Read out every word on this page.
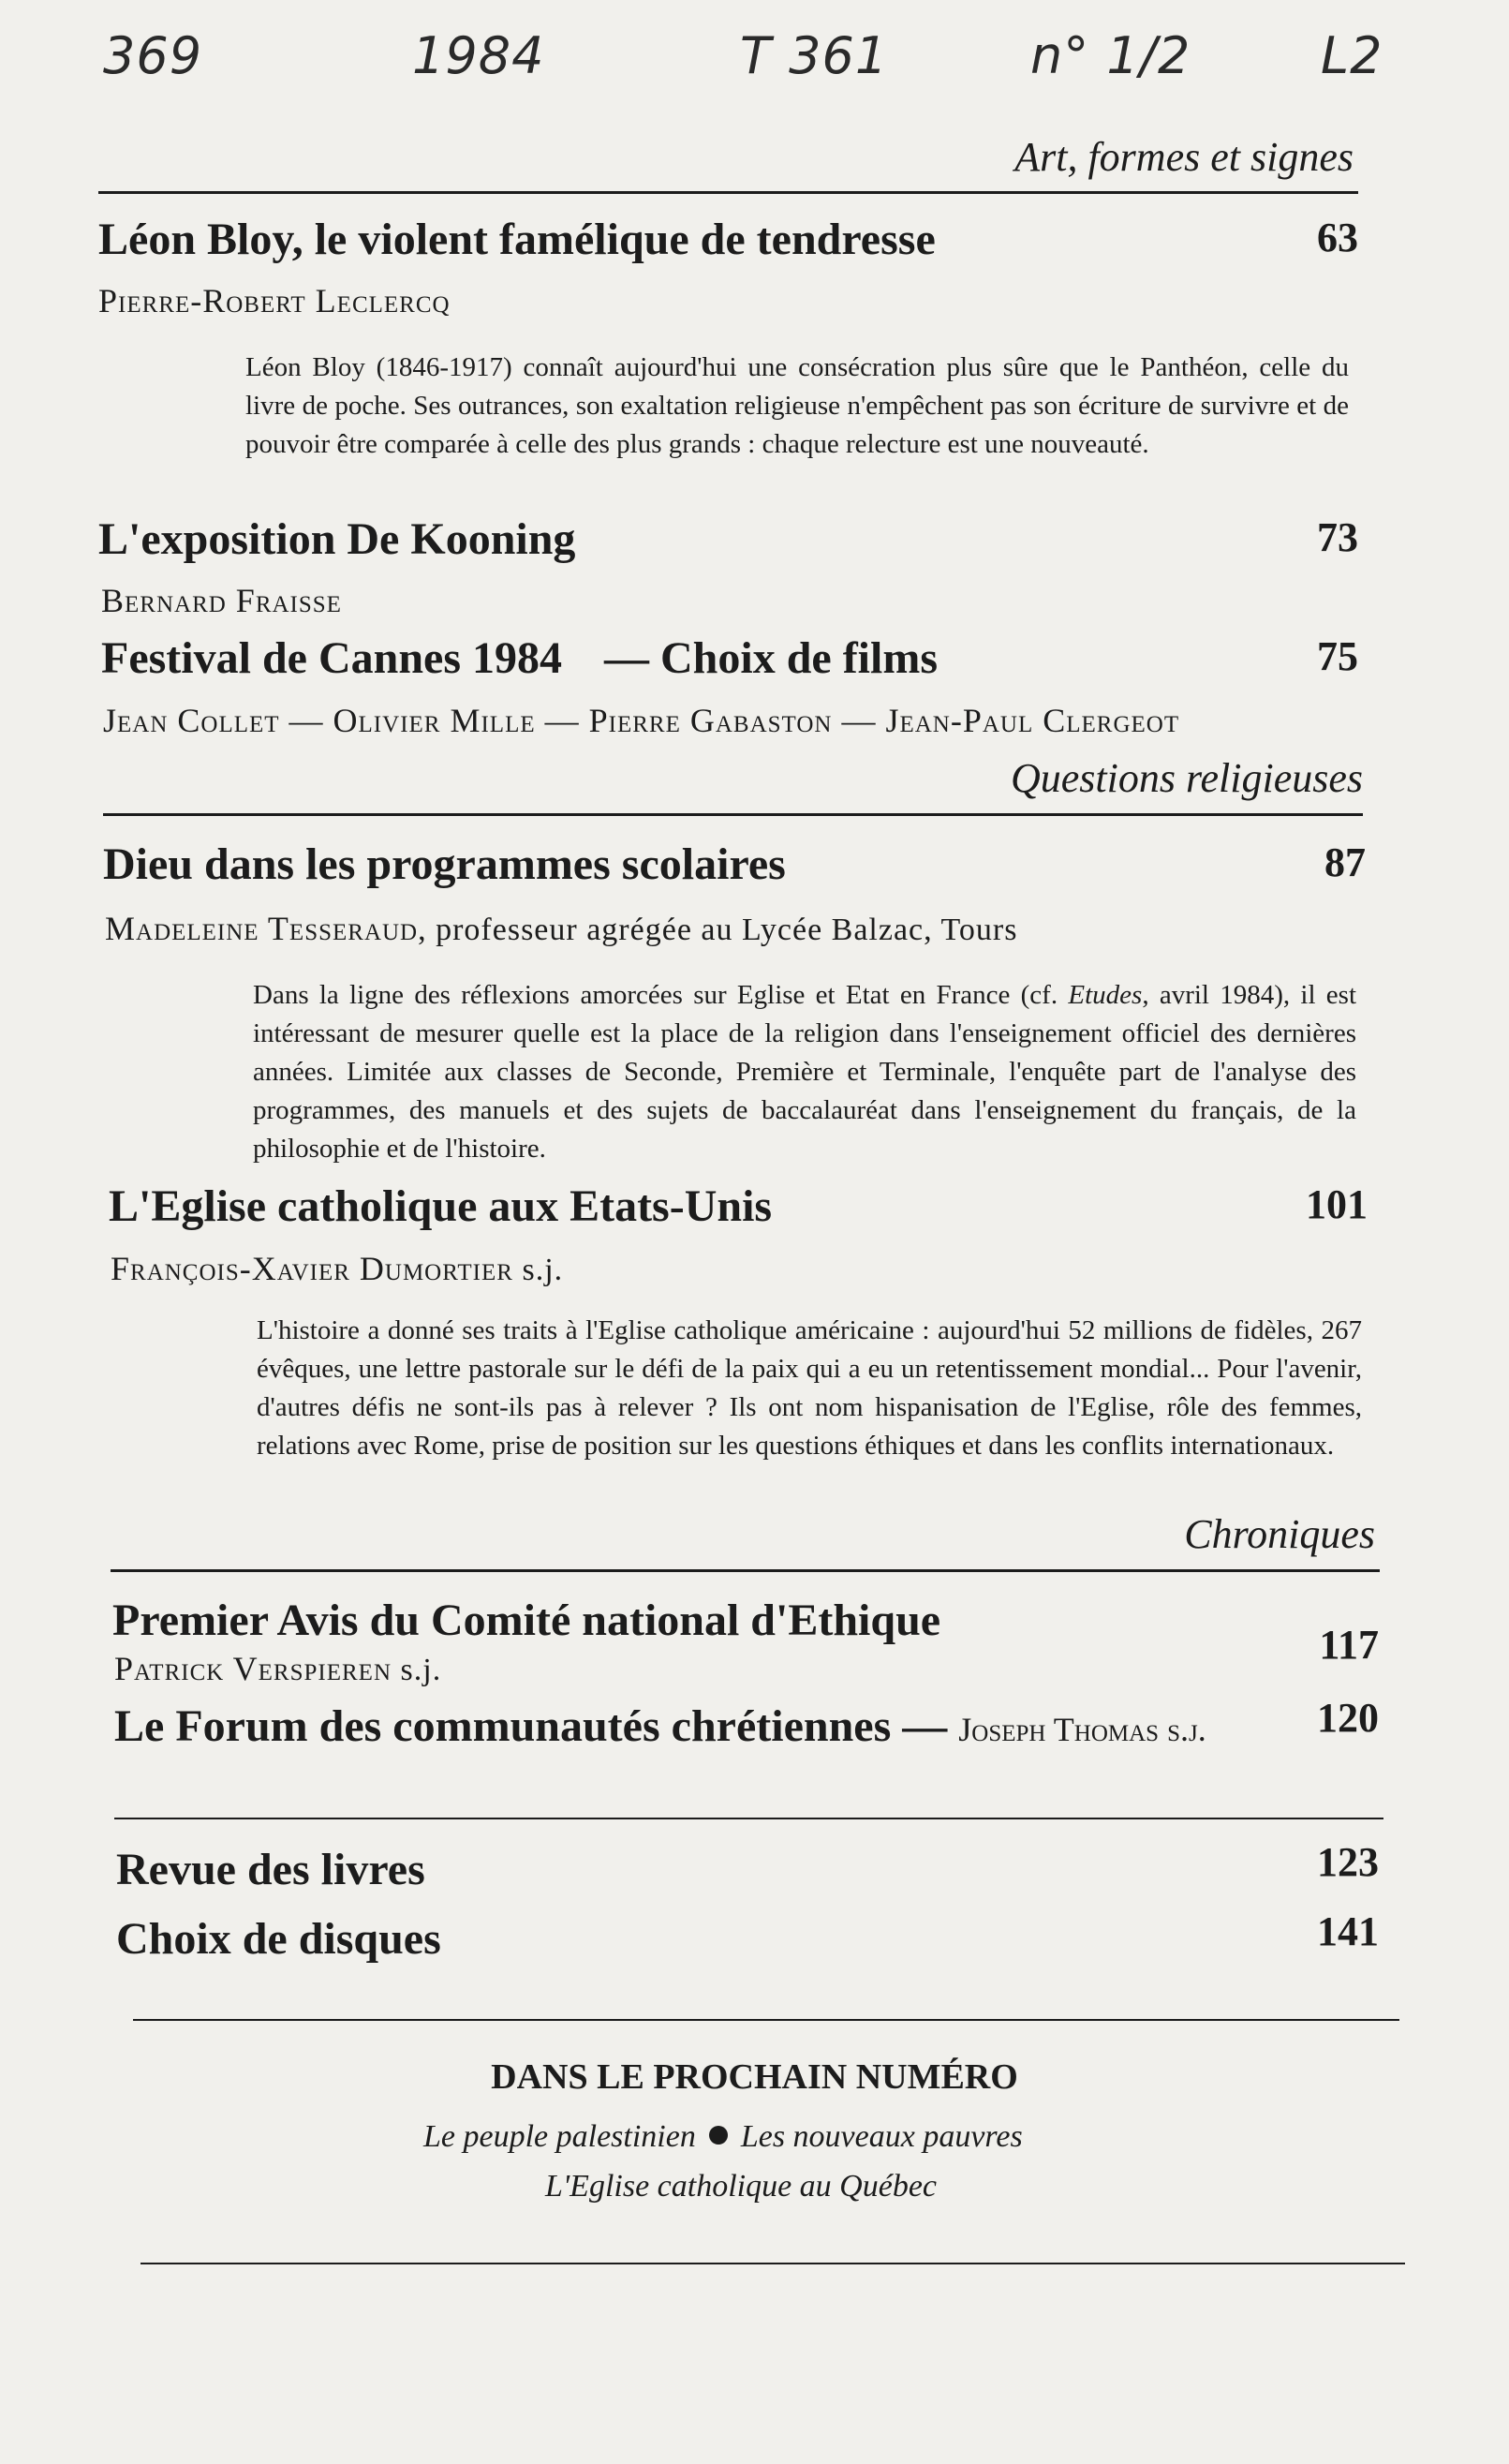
369	1984	T 361	n° 1/2	L2
Art, formes et signes
Léon Bloy, le violent famélique de tendresse	63
Pierre-Robert Leclercq
Léon Bloy (1846-1917) connaît aujourd'hui une consécration plus sûre que le Panthéon, celle du livre de poche. Ses outrances, son exaltation religieuse n'empêchent pas son écriture de survivre et de pouvoir être comparée à celle des plus grands : chaque relecture est une nouveauté.
L'exposition De Kooning	73
Bernard Fraisse
Festival de Cannes 1984 — Choix de films	75
Jean Collet — Olivier Mille — Pierre Gabaston — Jean-Paul Clergeot
Questions religieuses
Dieu dans les programmes scolaires	87
Madeleine Tesseraud, professeur agrégée au Lycée Balzac, Tours
Dans la ligne des réflexions amorcées sur Eglise et Etat en France (cf. Etudes, avril 1984), il est intéressant de mesurer quelle est la place de la religion dans l'enseignement officiel des dernières années. Limitée aux classes de Seconde, Première et Terminale, l'enquête part de l'analyse des programmes, des manuels et des sujets de baccalauréat dans l'enseignement du français, de la philosophie et de l'histoire.
L'Eglise catholique aux Etats-Unis	101
François-Xavier Dumortier s.j.
L'histoire a donné ses traits à l'Eglise catholique américaine : aujourd'hui 52 millions de fidèles, 267 évêques, une lettre pastorale sur le défi de la paix qui a eu un retentissement mondial... Pour l'avenir, d'autres défis ne sont-ils pas à relever ? Ils ont nom hispanisation de l'Eglise, rôle des femmes, relations avec Rome, prise de position sur les questions éthiques et dans les conflits internationaux.
Chroniques
Premier Avis du Comité national d'Ethique	117
Patrick Verspieren s.j.
Le Forum des communautés chrétiennes — Joseph Thomas s.j.	120
Revue des livres	123
Choix de disques	141
DANS LE PROCHAIN NUMÉRO
Le peuple palestinien Les nouveaux pauvres
L'Eglise catholique au Québec
